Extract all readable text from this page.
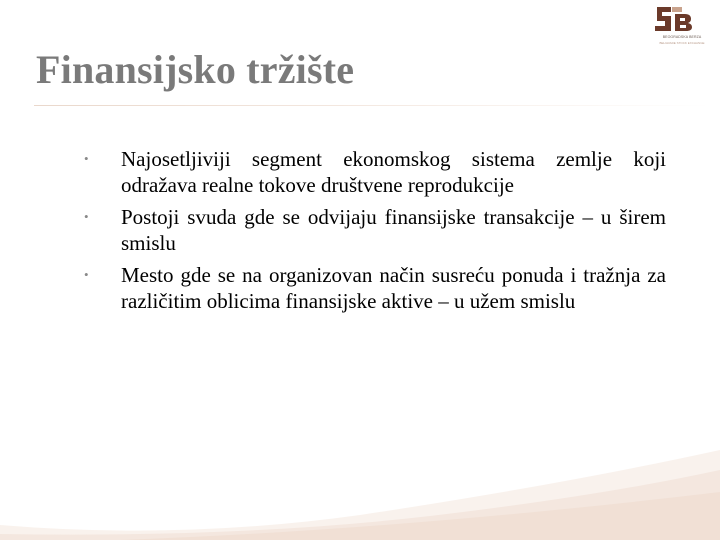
BEOGRADSKA BERZA
BELGRADE STOCK EXCHANGE
Finansijsko tržište
• Najosetljiviji segment ekonomskog sistema zemlje koji odražava realne tokove društvene reprodukcije
• Postoji svuda gde se odvijaju finansijske transakcije – u širem smislu
• Mesto gde se na organizovan način susreću ponuda i tražnja za različitim oblicima finansijske aktive – u užem smislu
